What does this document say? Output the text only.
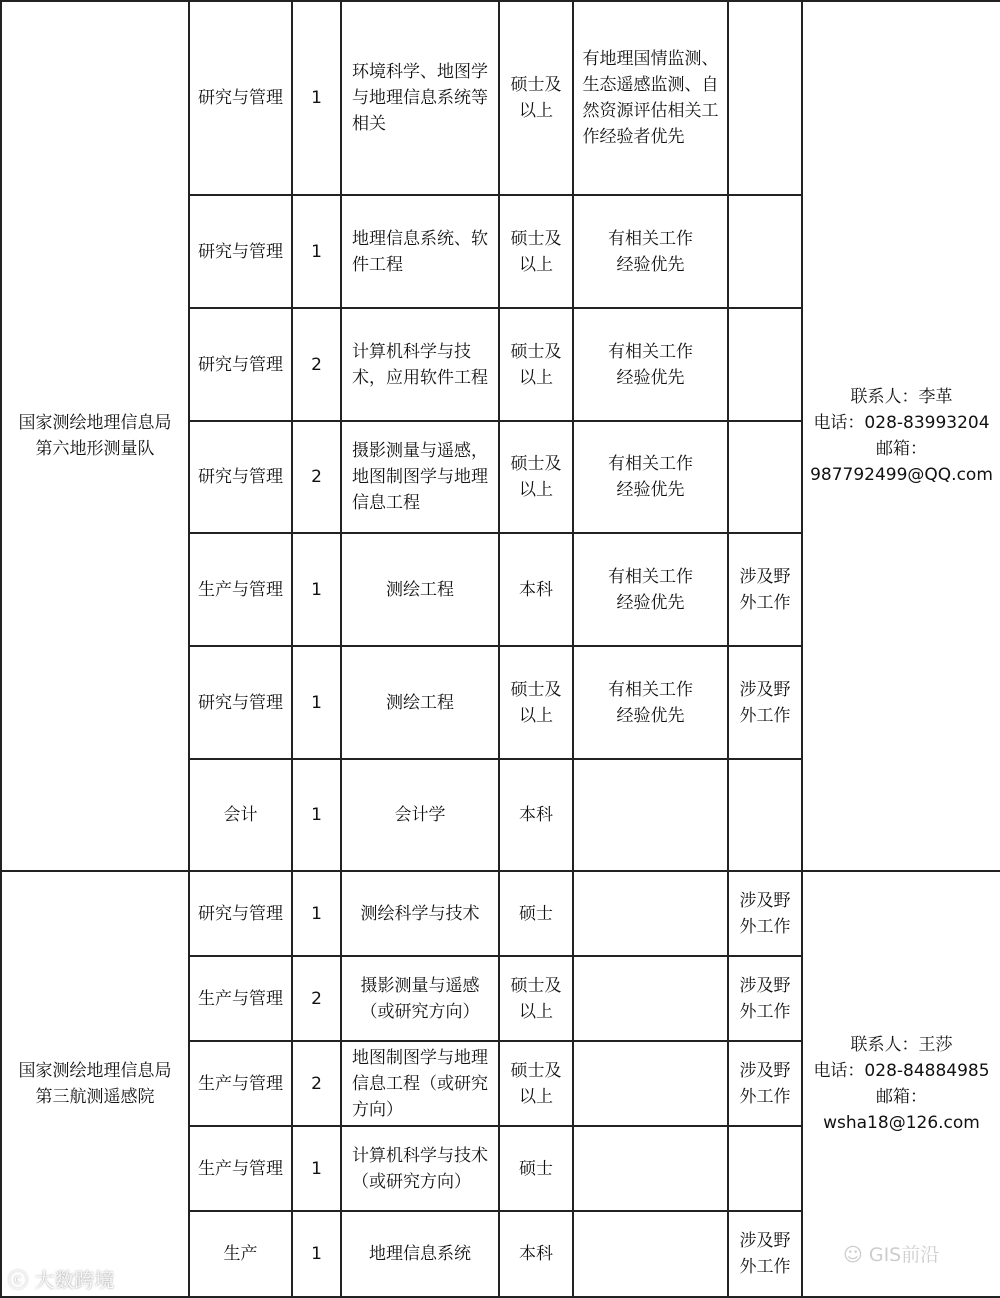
国家测绘地理信息局
第六地形测量队	研究与管理	1	环境科学、地图学
与地理信息系统等
相关	硕士及
以上	有地理国情监测、
生态遥感监测、自
然资源评估相关工
作经验者优先		联系人：李革
电话：028-83993204
邮箱：
987792499@QQ.com
	研究与管理	1	地理信息系统、软
件工程	硕士及
以上	有相关工作
经验优先		
	研究与管理	2	计算机科学与技
术，应用软件工程	硕士及
以上	有相关工作
经验优先		
	研究与管理	2	摄影测量与遥感，
地图制图学与地理
信息工程	硕士及
以上	有相关工作
经验优先		
	生产与管理	1	测绘工程	本科	有相关工作
经验优先	涉及野
外工作	
	研究与管理	1	测绘工程	硕士及
以上	有相关工作
经验优先	涉及野
外工作	
	会计	1	会计学	本科			
国家测绘地理信息局
第三航测遥感院	研究与管理	1	测绘科学与技术	硕士		涉及野
外工作	联系人：王莎
电话：028-84884985
邮箱：
wsha18@126.com
	生产与管理	2	摄影测量与遥感
（或研究方向）	硕士及
以上		涉及野
外工作	
	生产与管理	2	地图制图学与地理
信息工程（或研究
方向）	硕士及
以上		涉及野
外工作	
	生产与管理	1	计算机科学与技术
（或研究方向）	硕士			
	生产	1	地理信息系统	本科		涉及野
外工作	
ⓒ 大数跨境
☺ GIS前沿
